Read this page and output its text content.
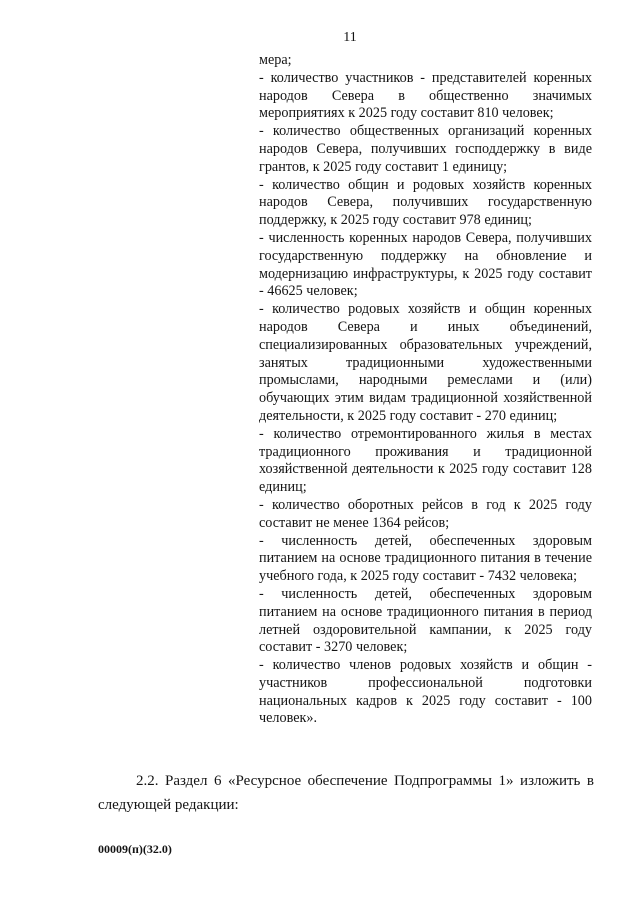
11

мера;

- количество участников - представителей коренных народов Севера в общественно значимых мероприятиях к 2025 году составит 810 человек;

- количество общественных организаций коренных народов Севера, получивших господдержку в виде грантов, к 2025 году составит 1 единицу;

- количество общин и родовых хозяйств коренных народов Севера, получивших государственную поддержку, к 2025 году составит 978 единиц;

- численность коренных народов Севера, получивших государственную поддержку на обновление и модернизацию инфраструктуры, к 2025 году составит - 46625 человек;

- количество родовых хозяйств и общин коренных народов Севера и иных объединений, специализированных образовательных учреждений, занятых традиционными художественными промыслами, народными ремеслами и (или) обучающих этим видам традиционной хозяйственной деятельности, к 2025 году составит - 270 единиц;

- количество отремонтированного жилья в местах традиционного проживания и традиционной хозяйственной деятельности к 2025 году составит 128 единиц;

- количество оборотных рейсов в год к 2025 году составит не менее 1364 рейсов;

- численность детей, обеспеченных здоровым питанием на основе традиционного питания в течение учебного года, к 2025 году составит - 7432 человека;

- численность детей, обеспеченных здоровым питанием на основе традиционного питания в период летней оздоровительной кампании, к 2025 году составит - 3270 человек;

- количество членов родовых хозяйств и общин - участников профессиональной подготовки национальных кадров к 2025 году составит - 100 человек».

2.2. Раздел 6 «Ресурсное обеспечение Подпрограммы 1» изложить в следующей редакции:

00009(п)(32.0)
